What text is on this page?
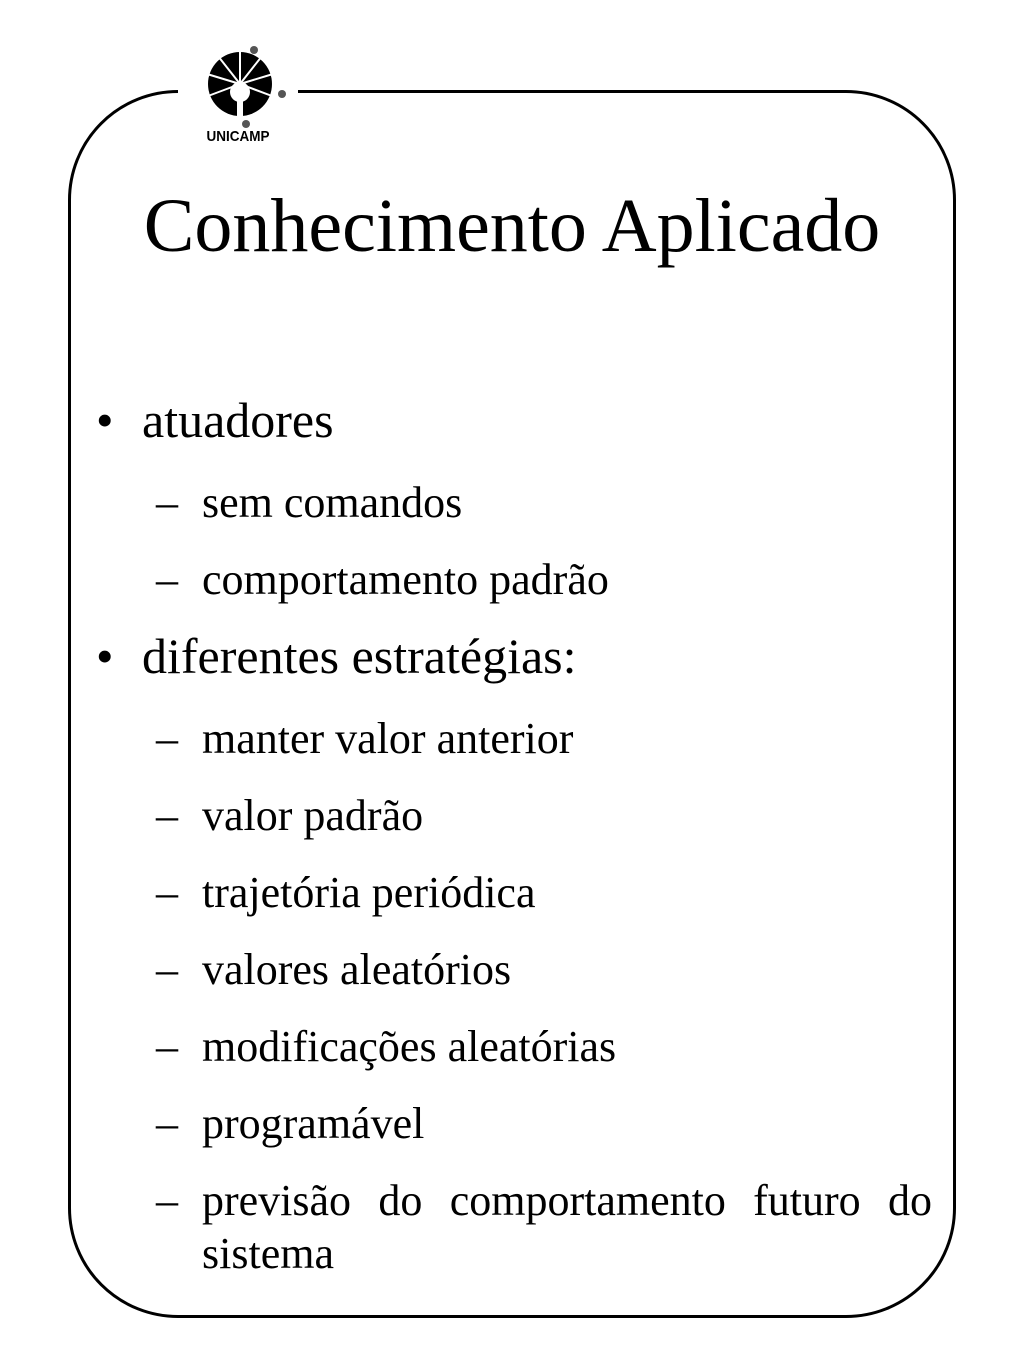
UNICAMP
Conhecimento Aplicado
• atuadores
– sem comandos
– comportamento padrão
• diferentes estratégias:
– manter valor anterior
– valor padrão
– trajetória periódica
– valores aleatórios
– modificações aleatórias
– programável
– previsão do comportamento futuro do sistema
